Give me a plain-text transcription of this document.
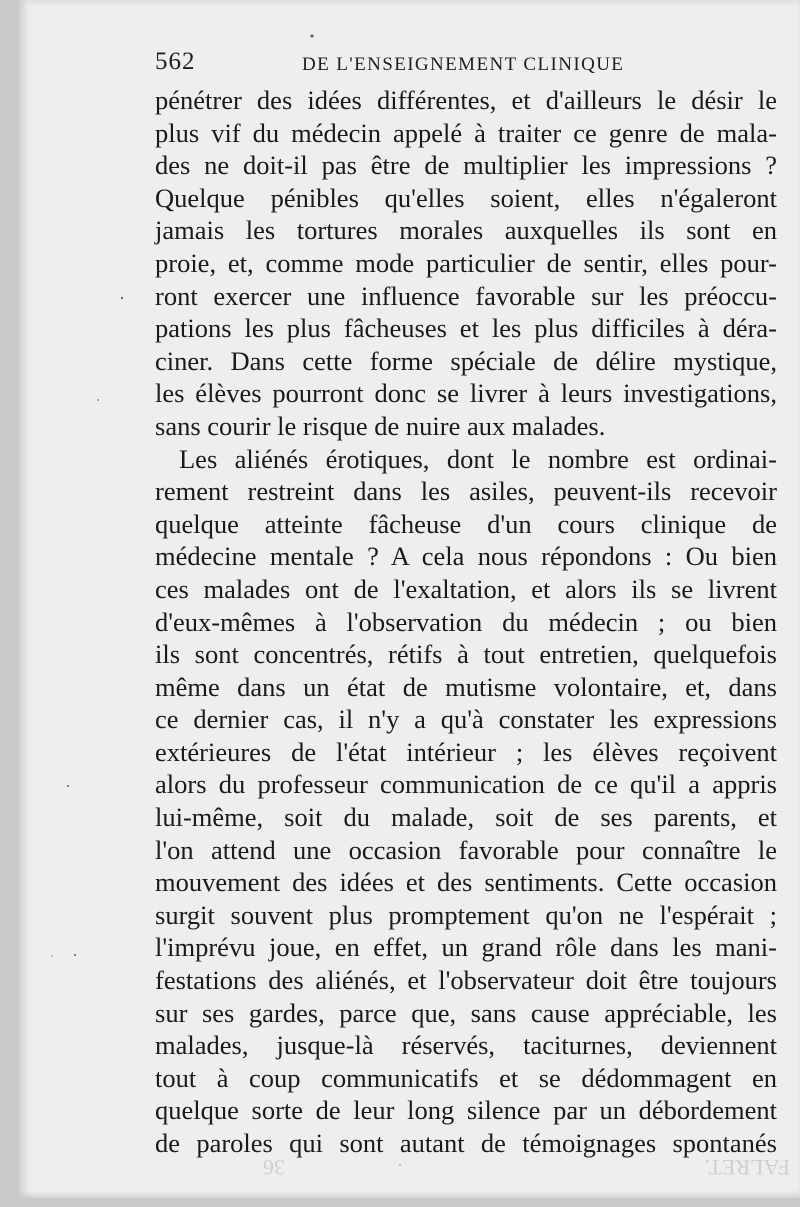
562	DE L'ENSEIGNEMENT CLINIQUE
pénétrer des idées différentes, et d'ailleurs le désir le
plus vif du médecin appelé à traiter ce genre de mala-
des ne doit-il pas être de multiplier les impressions ?
Quelque pénibles qu'elles soient, elles n'égaleront
jamais les tortures morales auxquelles ils sont en
proie, et, comme mode particulier de sentir, elles pour-
ront exercer une influence favorable sur les préoccu-
pations les plus fâcheuses et les plus difficiles à déra-
ciner. Dans cette forme spéciale de délire mystique,
les élèves pourront donc se livrer à leurs investigations,
sans courir le risque de nuire aux malades.
Les aliénés érotiques, dont le nombre est ordinai-
rement restreint dans les asiles, peuvent-ils recevoir
quelque atteinte fâcheuse d'un cours clinique de
médecine mentale ? A cela nous répondons : Ou bien
ces malades ont de l'exaltation, et alors ils se livrent
d'eux-mêmes à l'observation du médecin ; ou bien
ils sont concentrés, rétifs à tout entretien, quelquefois
même dans un état de mutisme volontaire, et, dans
ce dernier cas, il n'y a qu'à constater les expressions
extérieures de l'état intérieur ; les élèves reçoivent
alors du professeur communication de ce qu'il a appris
lui-même, soit du malade, soit de ses parents, et
l'on attend une occasion favorable pour connaître le
mouvement des idées et des sentiments. Cette occasion
surgit souvent plus promptement qu'on ne l'espérait ;
l'imprévu joue, en effet, un grand rôle dans les mani-
festations des aliénés, et l'observateur doit être toujours
sur ses gardes, parce que, sans cause appréciable, les
malades, jusque-là réservés, taciturnes, deviennent
tout à coup communicatifs et se dédommagent en
quelque sorte de leur long silence par un débordement
de paroles qui sont autant de témoignages spontanés
FALRET.
36
